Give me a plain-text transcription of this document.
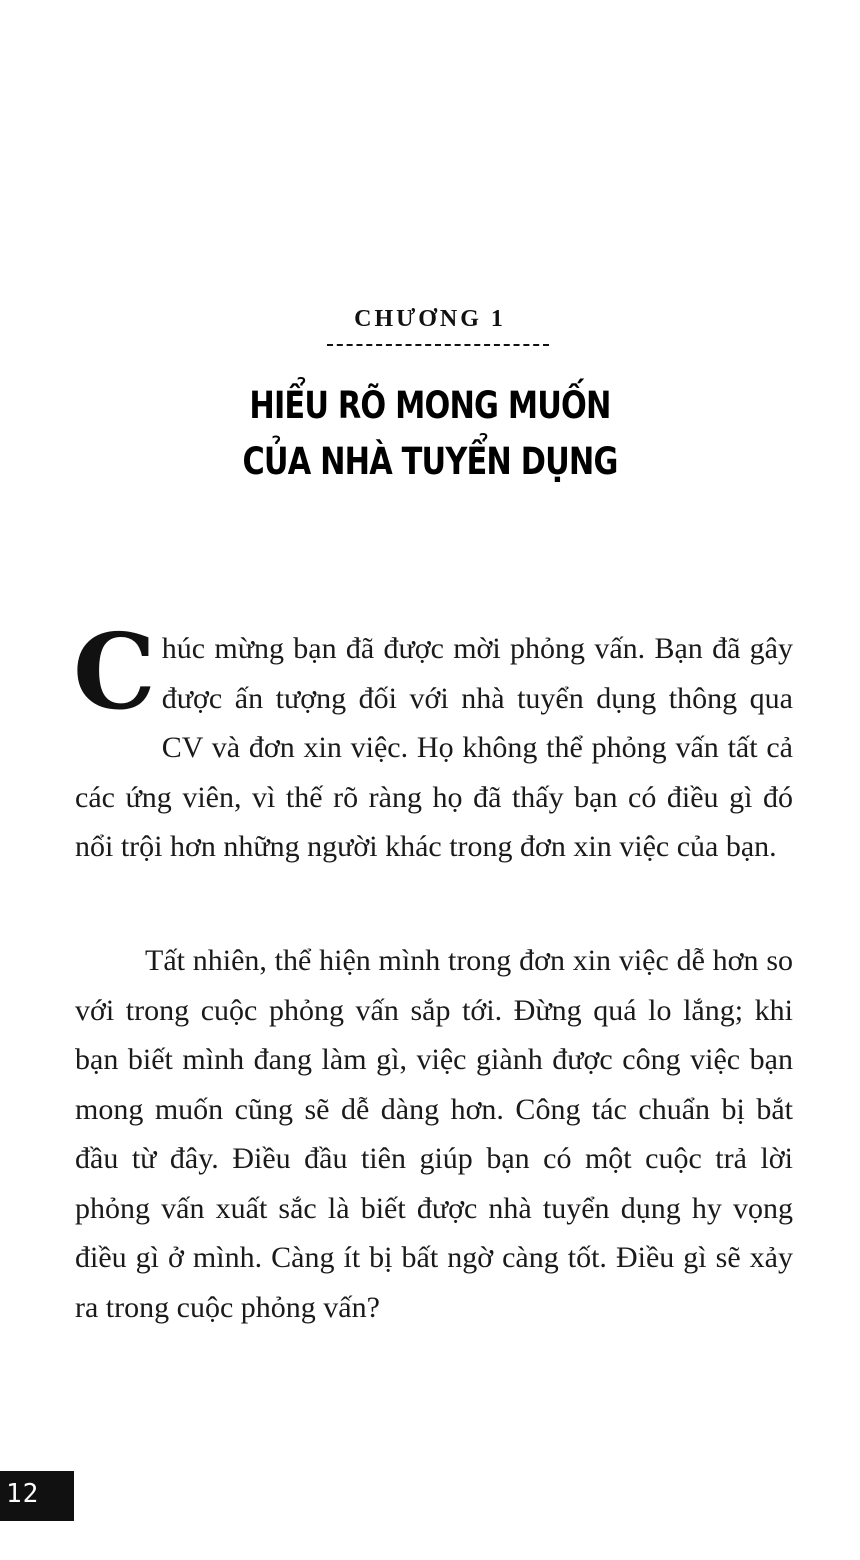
CHƯƠNG 1
HIỂU RÕ MONG MUỐN
CỦA NHÀ TUYỂN DỤNG
Chúc mừng bạn đã được mời phỏng vấn. Bạn đã gây được ấn tượng đối với nhà tuyển dụng thông qua CV và đơn xin việc. Họ không thể phỏng vấn tất cả các ứng viên, vì thế rõ ràng họ đã thấy bạn có điều gì đó nổi trội hơn những người khác trong đơn xin việc của bạn.
Tất nhiên, thể hiện mình trong đơn xin việc dễ hơn so với trong cuộc phỏng vấn sắp tới. Đừng quá lo lắng; khi bạn biết mình đang làm gì, việc giành được công việc bạn mong muốn cũng sẽ dễ dàng hơn. Công tác chuẩn bị bắt đầu từ đây. Điều đầu tiên giúp bạn có một cuộc trả lời phỏng vấn xuất sắc là biết được nhà tuyển dụng hy vọng điều gì ở mình. Càng ít bị bất ngờ càng tốt. Điều gì sẽ xảy ra trong cuộc phỏng vấn?
12
